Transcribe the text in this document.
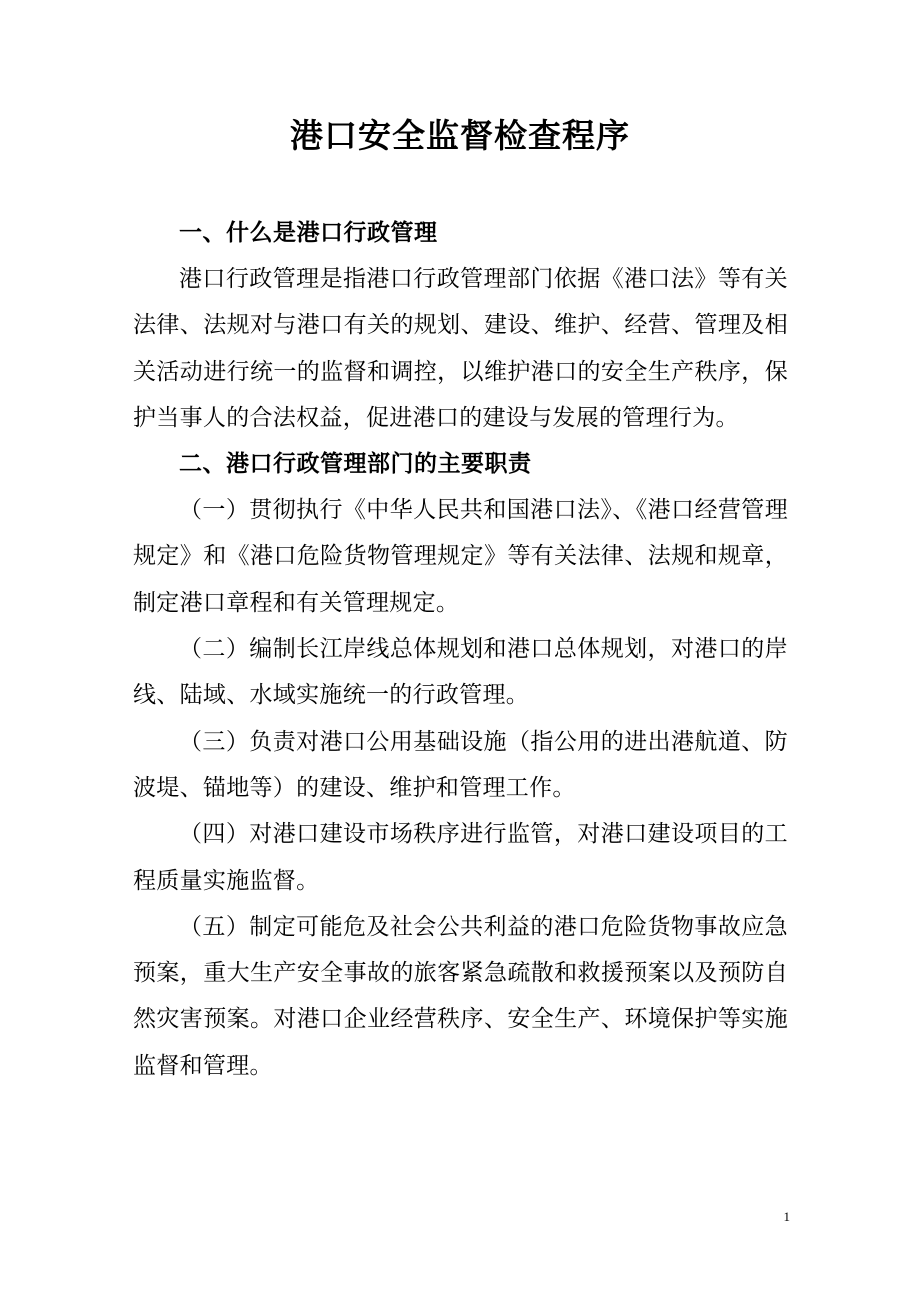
港口安全监督检查程序

一、什么是港口行政管理

港口行政管理是指港口行政管理部门依据《港口法》等有关法律、法规对与港口有关的规划、建设、维护、经营、管理及相关活动进行统一的监督和调控，以维护港口的安全生产秩序，保护当事人的合法权益，促进港口的建设与发展的管理行为。

二、港口行政管理部门的主要职责

（一）贯彻执行《中华人民共和国港口法》、《港口经营管理规定》和《港口危险货物管理规定》等有关法律、法规和规章，制定港口章程和有关管理规定。

（二）编制长江岸线总体规划和港口总体规划，对港口的岸线、陆域、水域实施统一的行政管理。

（三）负责对港口公用基础设施（指公用的进出港航道、防波堤、锚地等）的建设、维护和管理工作。

（四）对港口建设市场秩序进行监管，对港口建设项目的工程质量实施监督。

（五）制定可能危及社会公共利益的港口危险货物事故应急预案，重大生产安全事故的旅客紧急疏散和救援预案以及预防自然灾害预案。对港口企业经营秩序、安全生产、环境保护等实施监督和管理。

1
